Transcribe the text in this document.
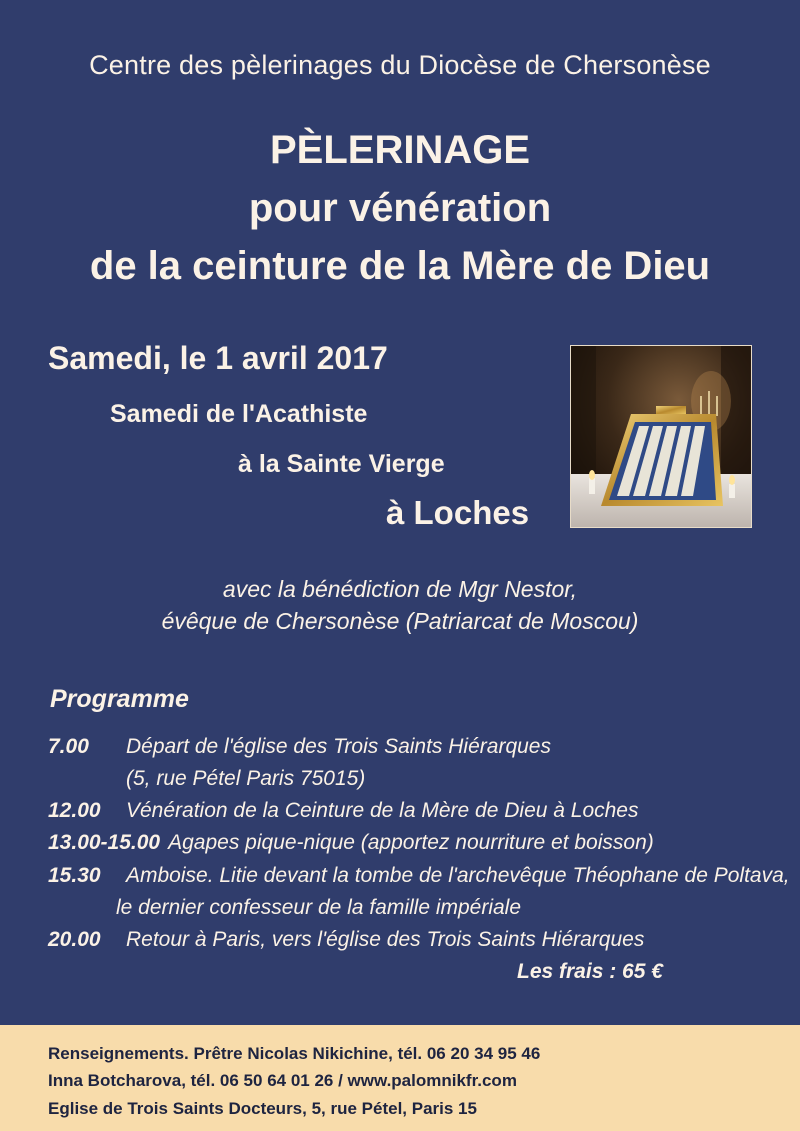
Centre des pèlerinages du Diocèse de Chersonèse
PÈLERINAGE
pour vénération
de la ceinture de la Mère de Dieu
Samedi, le 1 avril 2017
Samedi de l'Acathiste
à la Sainte Vierge
à Loches
avec la bénédiction de Mgr Nestor,
évêque de Chersonèse (Patriarcat de Moscou)
Programme
7.00 Départ de l'église des Trois Saints Hiérarques
(5, rue Pétel Paris 75015)
12.00 Vénération de la Ceinture de la Mère de Dieu à Loches
13.00-15.00 Agapes pique-nique (apportez nourriture et boisson)
15.30 Amboise. Litie devant la tombe de l'archevêque Théophane de Poltava,
le dernier confesseur de la famille impériale
20.00 Retour à Paris, vers l'église des Trois Saints Hiérarques
Les frais : 65 €
Renseignements. Prêtre Nicolas Nikichine, tél. 06 20 34 95 46
Inna Botcharova, tél. 06 50 64 01 26 / www.palomnikfr.com
Eglise de Trois Saints Docteurs, 5, rue Pétel, Paris 15
